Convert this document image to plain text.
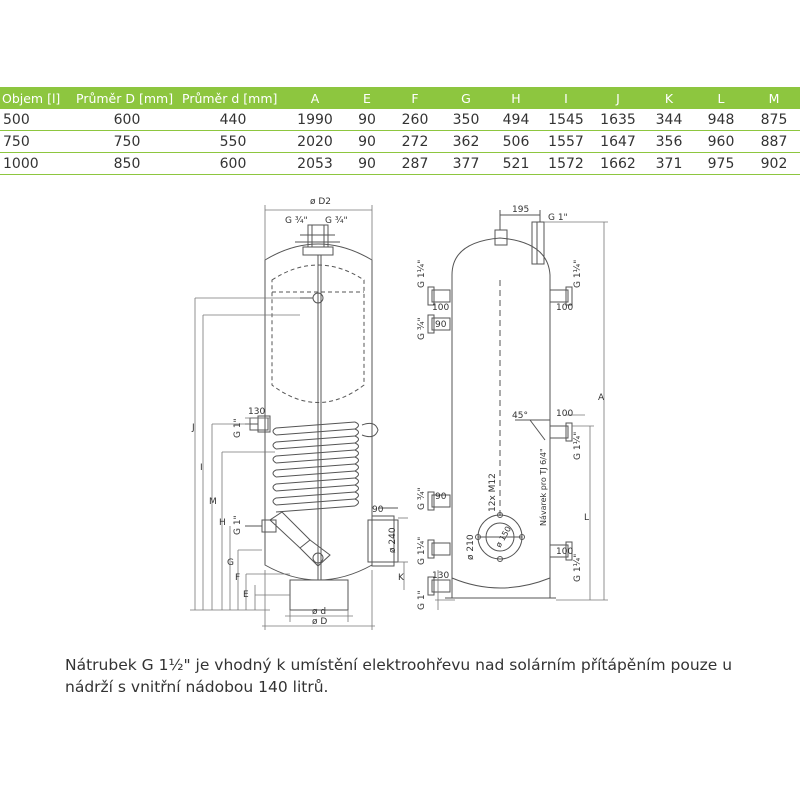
Objem [l]	Průměr D [mm]	Průměr d [mm]	A	E	F	G	H	I	J	K	L	M
500	600	440	1990	90	260	350	494	1545	1635	344	948	875
750	750	550	2020	90	272	362	506	1557	1647	356	960	887
1000	850	600	2053	90	287	377	521	1572	1662	371	975	902
ø D2
G ¾" G ¾"
130
G 1"
G 1"
90
ø 240
ø d
ø D
J
I
M
H
G
F
E
K
195
G 1"
G 1¼"	G 1¼"
100	100
G ¾" 90
45°	100
G 1¼"
Návarek pro TJ 6/4"
G ¾" 90	12x M12
ø 210 ø 150
G 1¼"	100
130	G 1¼"
G 1"
A
L
Nátrubek G 1½" je vhodný k umístění elektroohřevu nad solárním přítápěním pouze u nádrží s vnitřní nádobou 140 litrů.
